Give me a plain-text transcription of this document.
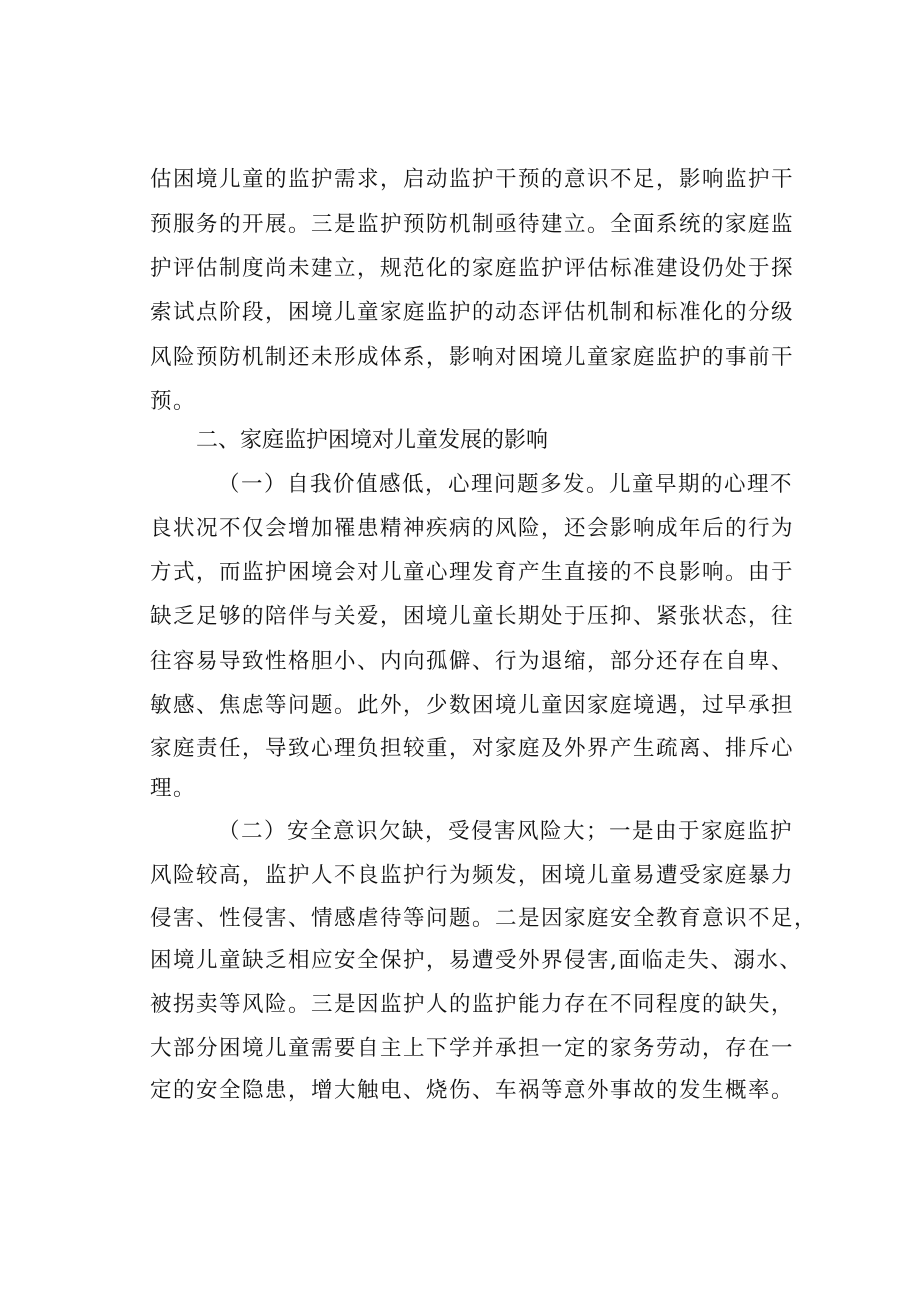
估困境儿童的监护需求，启动监护干预的意识不足，影响监护干
预服务的开展。三是监护预防机制亟待建立。全面系统的家庭监
护评估制度尚未建立，规范化的家庭监护评估标准建设仍处于探
索试点阶段，困境儿童家庭监护的动态评估机制和标准化的分级
风险预防机制还未形成体系，影响对困境儿童家庭监护的事前干
预。
二、家庭监护困境对儿童发展的影响
（一）自我价值感低，心理问题多发。儿童早期的心理不
良状况不仅会增加罹患精神疾病的风险，还会影响成年后的行为
方式，而监护困境会对儿童心理发育产生直接的不良影响。由于
缺乏足够的陪伴与关爱，困境儿童长期处于压抑、紧张状态，往
往容易导致性格胆小、内向孤僻、行为退缩，部分还存在自卑、
敏感、焦虑等问题。此外，少数困境儿童因家庭境遇，过早承担
家庭责任，导致心理负担较重，对家庭及外界产生疏离、排斥心
理。
（二）安全意识欠缺，受侵害风险大；一是由于家庭监护
风险较高，监护人不良监护行为频发，困境儿童易遭受家庭暴力
侵害、性侵害、情感虐待等问题。二是因家庭安全教育意识不足，
困境儿童缺乏相应安全保护，易遭受外界侵害,面临走失、溺水、
被拐卖等风险。三是因监护人的监护能力存在不同程度的缺失，
大部分困境儿童需要自主上下学并承担一定的家务劳动，存在一
定的安全隐患，增大触电、烧伤、车祸等意外事故的发生概率。
